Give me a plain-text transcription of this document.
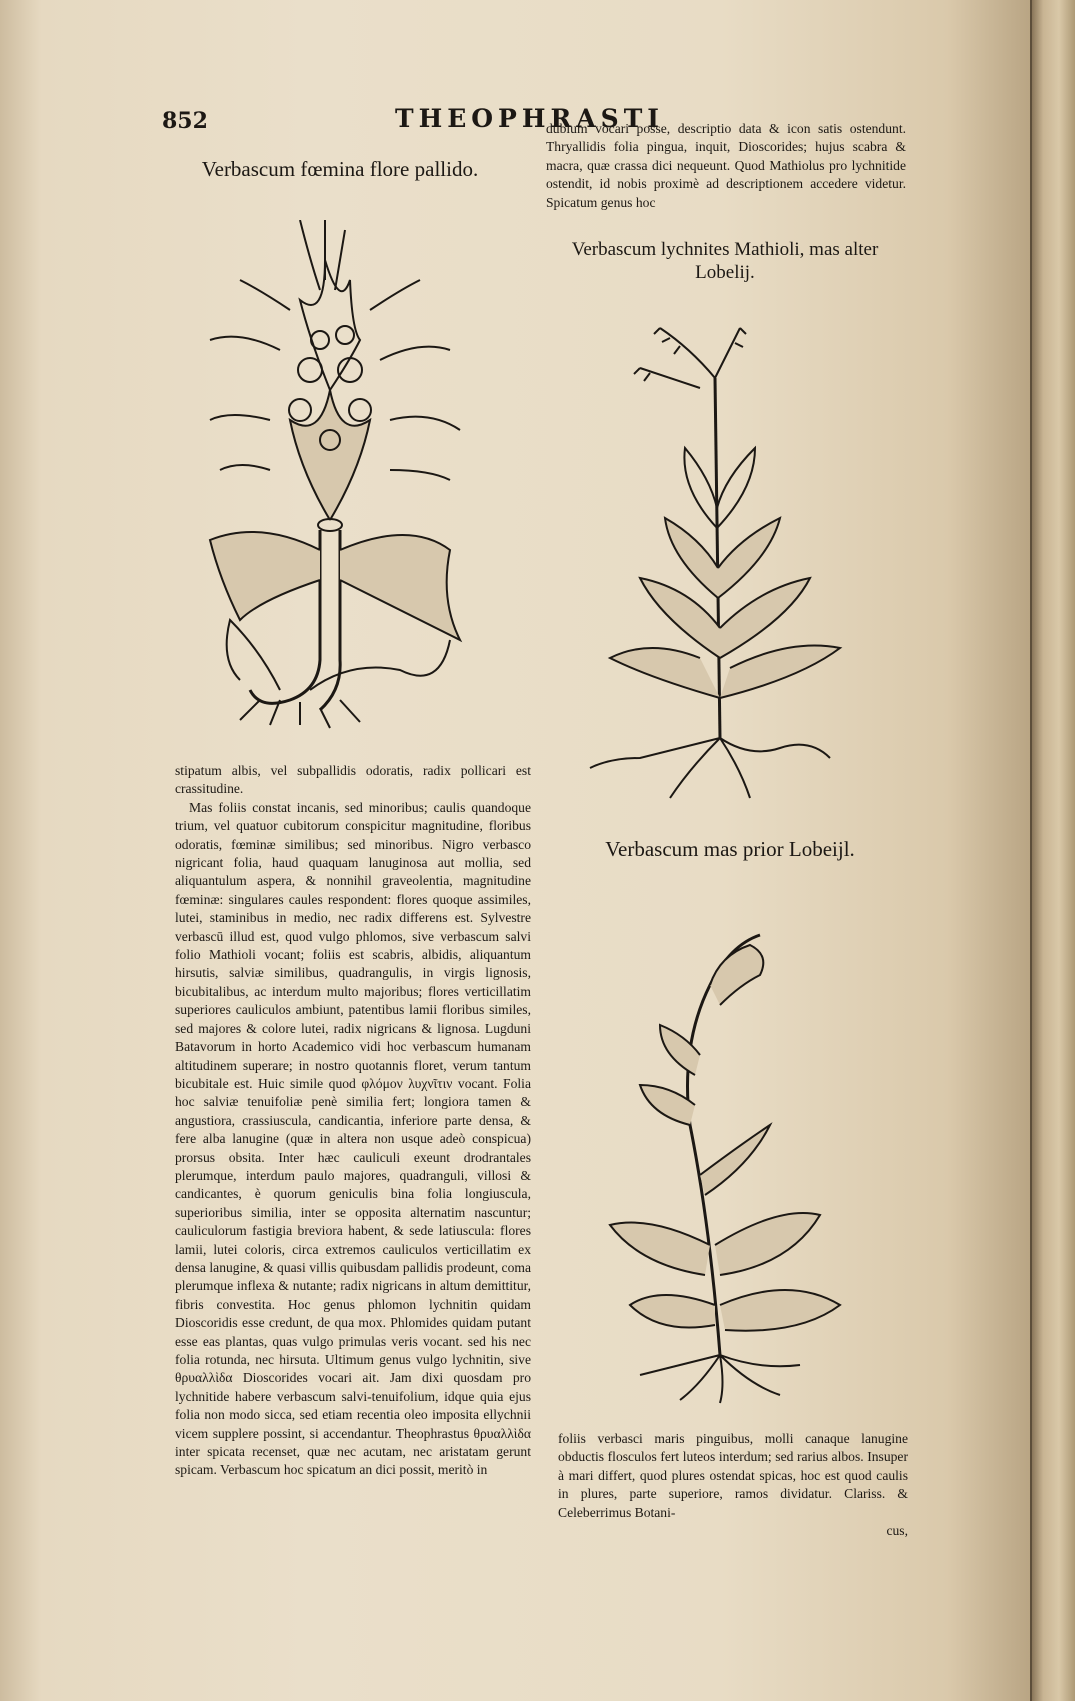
852	THEOPHRASTI

dubium vocari posse, descriptio data & icon satis ostendunt. Thryallidis folia pingua, inquit, Dioscorides; hujus scabra & macra, quæ crassa dici nequeunt. Quod Mathiolus pro lychnitide ostendit, id nobis proximè ad descriptionem accedere videtur. Spicatum genus hoc

Verbascum fœmina flore pallido.
Verbascum lychnites Mathioli, mas alter Lobelij.

stipatum albis, vel subpallidis odoratis, radix pollicari est crassitudine.

Mas foliis constat incanis, sed minoribus; caulis quandoque trium, vel quatuor cubitorum conspicitur magnitudine, floribus odoratis, fœminæ similibus; sed minoribus. Nigro verbasco nigricant folia, haud quaquam lanuginosa aut mollia, sed aliquantulum aspera, & nonnihil graveolentia, magnitudine fœminæ: singulares caules respondent: flores quoque assimiles, lutei, staminibus in medio, nec radix differens est. Sylvestre verbascū illud est, quod vulgo phlomos, sive verbascum salvi folio Mathioli vocant; foliis est scabris, albidis, aliquantum hirsutis, salviæ similibus, quadrangulis, in virgis lignosis, bicubitalibus, ac interdum multo majoribus; flores verticillatim superiores cauliculos ambiunt, patentibus lamii floribus similes, sed majores & colore lutei, radix nigricans & lignosa. Lugduni Batavorum in horto Academico vidi hoc verbascum humanam altitudinem superare; in nostro quotannis floret, verum tantum bicubitale est. Huic simile quod φλόμον λυχνῖτιν vocant. Folia hoc salviæ tenuifoliæ penè similia fert; longiora tamen & angustiora, crassiuscula, candicantia, inferiore parte densa, & fere alba lanugine (quæ in altera non usque adeò conspicua) prorsus obsita. Inter hæc cauliculi exeunt drodrantales plerumque, interdum paulo majores, quadranguli, villosi & candicantes, è quorum geniculis bina folia longiuscula, superioribus similia, inter se opposita alternatim nascuntur; cauliculorum fastigia breviora habent, & sede latiuscula: flores lamii, lutei coloris, circa extremos cauliculos verticillatim ex densa lanugine, & quasi villis quibusdam pallidis prodeunt, coma plerumque inflexa & nutante; radix nigricans in altum demittitur, fibris convestita. Hoc genus phlomon lychnitin quidam Dioscoridis esse credunt, de qua mox. Phlomides quidam putant esse eas plantas, quas vulgo primulas veris vocant. sed his nec folia rotunda, nec hirsuta. Ultimum genus vulgo lychnitin, sive θρυαλλὶδα Dioscorides vocari ait. Jam dixi quosdam pro lychnitide habere verbascum salvi-tenuifolium, idque quia ejus folia non modo sicca, sed etiam recentia oleo imposita ellychnii vicem supplere possint, si accendantur. Theophrastus θρυαλλὶδα inter spicata recenset, quæ nec acutam, nec aristatam gerunt spicam. Verbascum hoc spicatum an dici possit, meritò in

Verbascum mas prior Lobeijl.

foliis verbasci maris pinguibus, molli canaque lanugine obductis flosculos fert luteos interdum; sed rarius albos. Insuper à mari differt, quod plures ostendat spicas, hoc est quod caulis in plures, parte superiore, ramos dividatur. Clariss. & Celeberrimus Botani-

cus,
